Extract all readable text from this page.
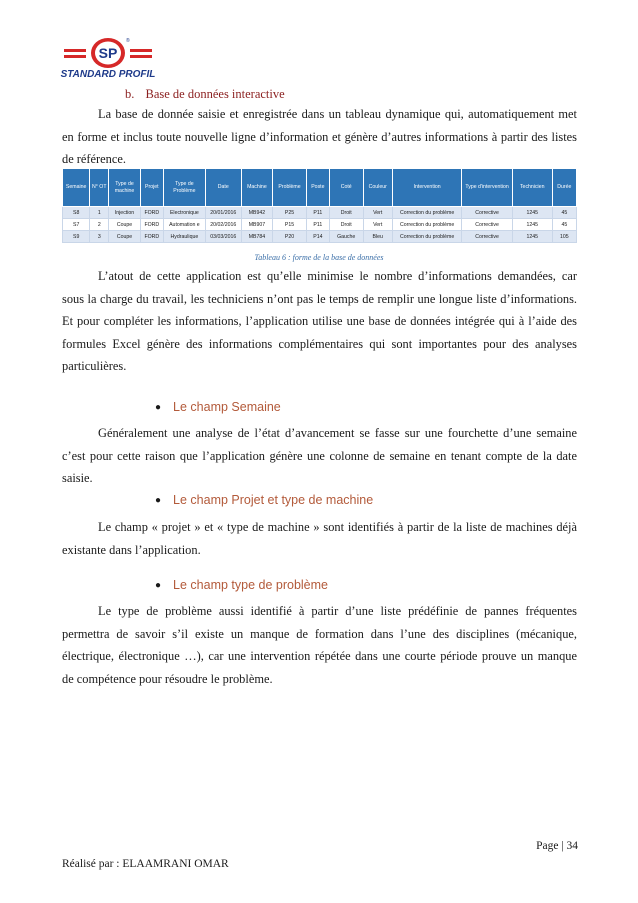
SP
®
STANDARD PROFIL
b. Base de données interactive
La base de donnée saisie et enregistrée dans un tableau dynamique qui, automatiquement met
en forme et inclus toute nouvelle ligne d’information et génère d’autres informations à partir des listes
de référence.
Semaine	N° OT	Type de machine	Projet	Type de Problème	Date	Machine	Problème	Poste	Coté	Couleur	Intervention	Type d'intervention	Technicien	Durée
S8	1	Injection	FORD	Electronique	20/01/2016	MB942	P25	P11	Droit	Vert	Correction du problème	Corrective	1245	45
S7	2	Coupe	FORD	Automation e	20/02/2016	MB907	P15	P11	Droit	Vert	Correction du problème	Corrective	1245	45
S9	3	Coupe	FORD	Hydraulique	03/03/2016	MB784	P20	P14	Gauche	Bleu	Correction du problème	Corrective	1245	105
Tableau 6 : forme de la base de données
L’atout de cette application est qu’elle minimise le nombre d’informations demandées, car
sous la charge du travail, les techniciens n’ont pas le temps de remplir une longue liste d’informations.
Et pour compléter les informations, l’application utilise une base de données intégrée qui à l’aide des
formules Excel génère des informations complémentaires qui sont importantes pour des analyses
particulières.
● Le champ Semaine
Généralement une analyse de l’état d’avancement se fasse sur une fourchette d’une semaine
c’est pour cette raison que l’application génère une colonne de semaine en tenant compte de la date
saisie.
● Le champ Projet et type de machine
Le champ « projet » et « type de machine » sont identifiés à partir de la liste de machines déjà
existante dans l’application.
● Le champ type de problème
Le type de problème aussi identifié à partir d’une liste prédéfinie de pannes fréquentes
permettra de savoir s’il existe un manque de formation dans l’une des disciplines (mécanique,
électrique, électronique …), car une intervention répétée dans une courte période prouve un manque
de compétence pour résoudre le problème.
Page | 34
Réalisé par : ELAAMRANI OMAR
